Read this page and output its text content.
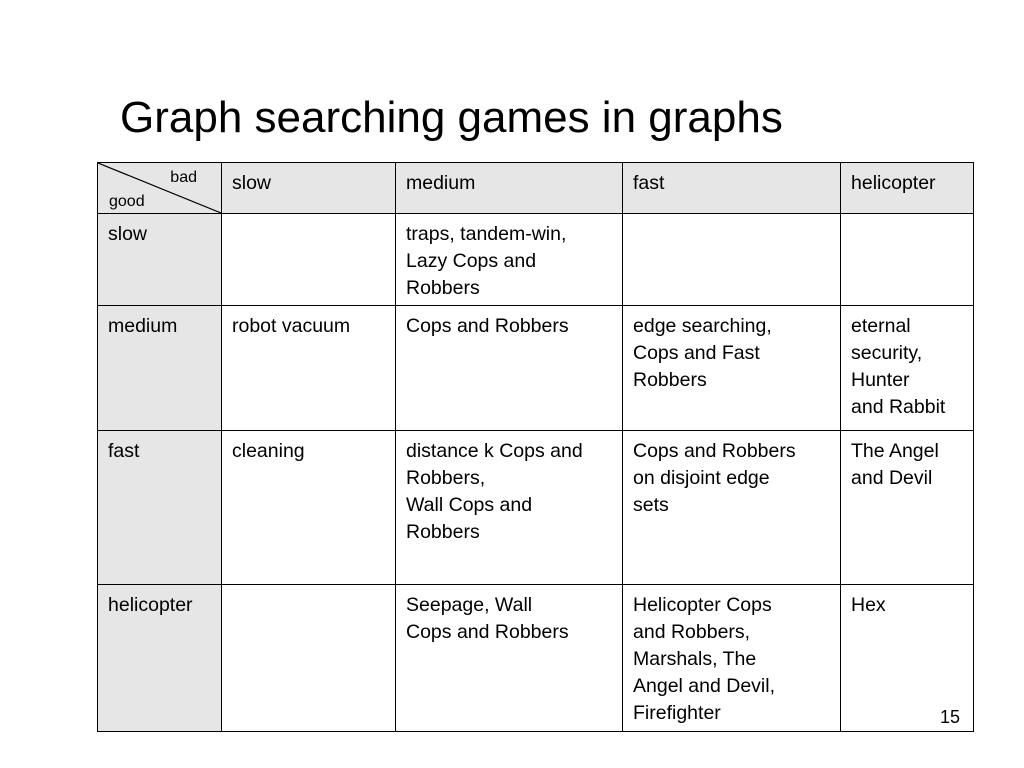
Graph searching games in graphs
bad
good	slow	medium	fast	helicopter
slow		traps, tandem-win,
Lazy Cops and
Robbers		

medium	robot vacuum	Cops and Robbers	edge searching,
Cops and Fast
Robbers	eternal
security,
Hunter
and Rabbit

fast	cleaning	distance k Cops and
Robbers,
Wall Cops and
Robbers	Cops and Robbers
on disjoint edge
sets	The Angel
and Devil

helicopter		Seepage, Wall
Cops and Robbers	Helicopter Cops
and Robbers,
Marshals, The
Angel and Devil,
Firefighter	Hex
15
